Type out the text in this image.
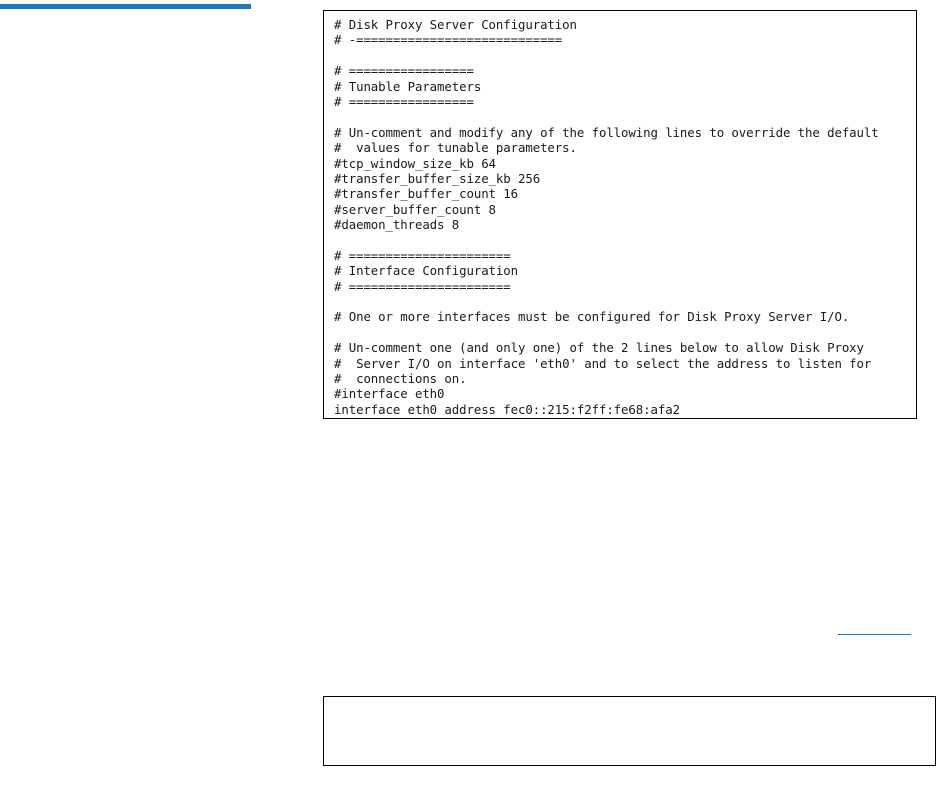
# Disk Proxy Server Configuration
# -============================
# =================
# Tunable Parameters
# =================
# Un-comment and modify any of the following lines to override the default
#  values for tunable parameters.
#tcp_window_size_kb 64
#transfer_buffer_size_kb 256
#transfer_buffer_count 16
#server_buffer_count 8
#daemon_threads 8
# ======================
# Interface Configuration
# ======================
# One or more interfaces must be configured for Disk Proxy Server I/O.
# Un-comment one (and only one) of the 2 lines below to allow Disk Proxy
#  Server I/O on interface 'eth0' and to select the address to listen for
#  connections on.
#interface eth0
interface eth0 address fec0::215:f2ff:fe68:afa2
